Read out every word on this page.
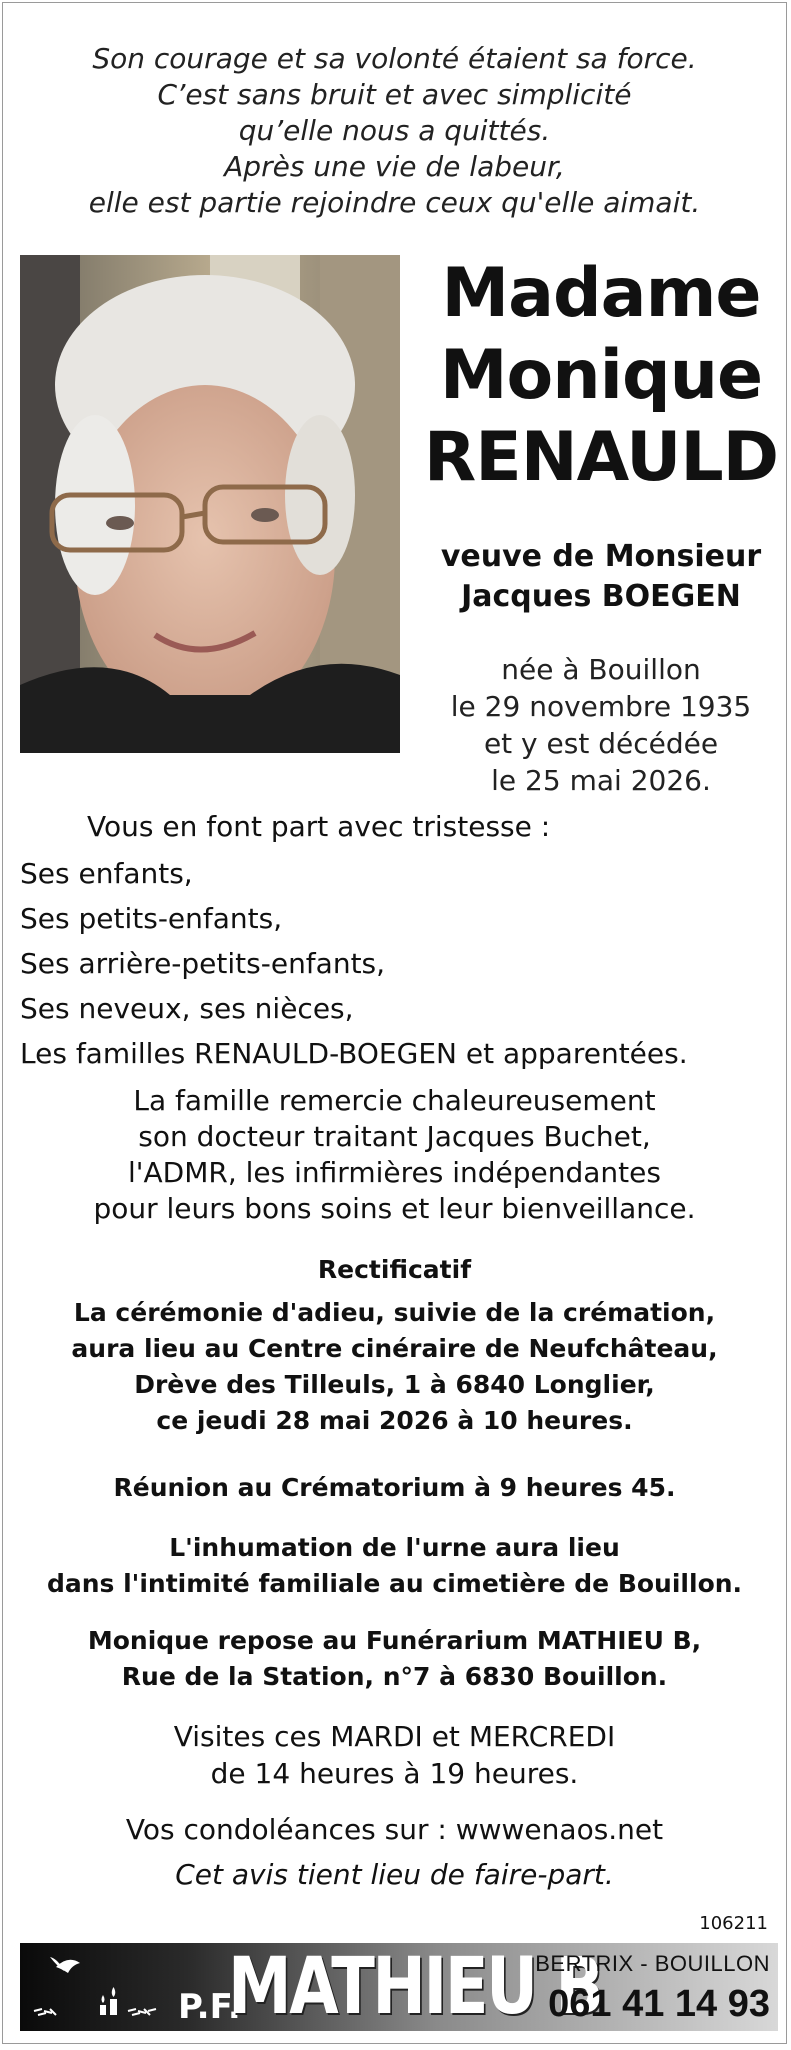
Son courage et sa volonté étaient sa force.
C’est sans bruit et avec simplicité
qu’elle nous a quittés.
Après une vie de labeur,
elle est partie rejoindre ceux qu'elle aimait.
Madame
Monique
RENAULD
veuve de Monsieur
Jacques BOEGEN
née à Bouillon
le 29 novembre 1935
et y est décédée
le 25 mai 2026.
Vous en font part avec tristesse :
Ses enfants,
Ses petits-enfants,
Ses arrière-petits-enfants,
Ses neveux, ses nièces,
Les familles RENAULD-BOEGEN et apparentées.
La famille remercie chaleureusement
son docteur traitant Jacques Buchet,
l'ADMR, les infirmières indépendantes
pour leurs bons soins et leur bienveillance.
Rectificatif
La cérémonie d'adieu, suivie de la crémation,
aura lieu au Centre cinéraire de Neufchâteau,
Drève des Tilleuls, 1 à 6840 Longlier,
ce jeudi 28 mai 2026 à 10 heures.
Réunion au Crématorium à 9 heures 45.
L'inhumation de l'urne aura lieu
dans l'intimité familiale au cimetière de Bouillon.
Monique repose au Funérarium MATHIEU B,
Rue de la Station, n°7 à 6830 Bouillon.
Visites ces MARDI et MERCREDI
de 14 heures à 19 heures.
Vos condoléances sur : wwwenaos.net
Cet avis tient lieu de faire-part.
106211
P.F.
MATHIEU B
BERTRIX - BOUILLON
061 41 14 93
